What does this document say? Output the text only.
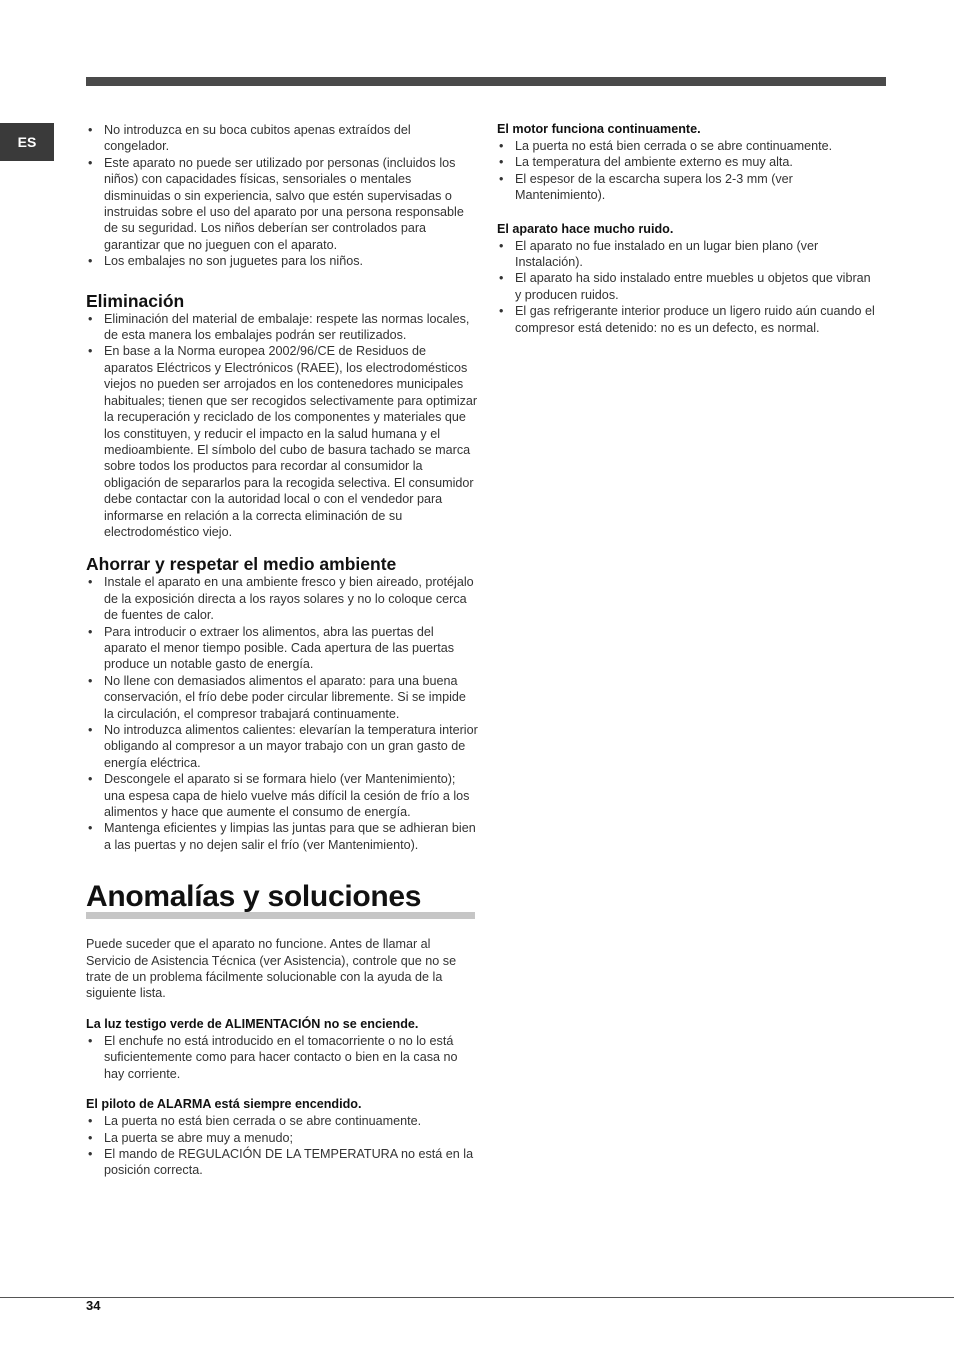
ES
• No introduzca en su boca cubitos apenas extraídos del congelador.
• Este aparato no puede ser utilizado por personas (incluidos los niños) con capacidades físicas, sensoriales o mentales disminuidas o sin experiencia, salvo que estén supervisadas o instruidas sobre el uso del aparato por una persona responsable de su seguridad. Los niños deberían ser controlados para garantizar que no jueguen con el aparato.
• Los embalajes no son juguetes para los niños.
Eliminación
• Eliminación del material de embalaje: respete las normas locales, de esta manera los embalajes podrán ser reutilizados.
• En base a la Norma europea 2002/96/CE de Residuos de aparatos Eléctricos y Electrónicos (RAEE), los electrodomésticos viejos no pueden ser arrojados en los contenedores municipales habituales; tienen que ser recogidos selectivamente para optimizar la recuperación y reciclado de los componentes y materiales que los constituyen, y reducir el impacto en la salud humana y el medioambiente. El símbolo del cubo de basura tachado se marca sobre todos los productos para recordar al consumidor la obligación de separarlos para la recogida selectiva. El consumidor debe contactar con la autoridad local o con el vendedor para informarse en relación a la correcta eliminación de su electrodoméstico viejo.
Ahorrar y respetar el medio ambiente
• Instale el aparato en una ambiente fresco y bien aireado, protéjalo de la exposición directa a los rayos solares y no lo coloque cerca de fuentes de calor.
• Para introducir o extraer los alimentos, abra las puertas del aparato el menor tiempo posible. Cada apertura de las puertas produce un notable gasto de energía.
• No llene con demasiados alimentos el aparato: para una buena conservación, el frío debe poder circular libremente. Si se impide la circulación, el compresor trabajará continuamente.
• No introduzca alimentos calientes: elevarían la temperatura interior obligando al compresor a un mayor trabajo con un gran gasto de energía eléctrica.
• Descongele el aparato si se formara hielo (ver Mantenimiento); una espesa capa de hielo vuelve más difícil la cesión de frío a los alimentos y hace que aumente el consumo de energía.
• Mantenga eficientes y limpias las juntas para que se adhieran bien a las puertas y no dejen salir el frío (ver Mantenimiento).
Anomalías y soluciones

Puede suceder que el aparato no funcione. Antes de llamar al Servicio de Asistencia Técnica (ver Asistencia), controle que no se trate de un problema fácilmente solucionable con la ayuda de la siguiente lista.

La luz testigo verde de ALIMENTACIÓN no se enciende.

• El enchufe no está introducido en el tomacorriente o no lo está suficientemente como para hacer contacto o bien en la casa no hay corriente.

El piloto de ALARMA está siempre encendido.

• La puerta no está bien cerrada o se abre continuamente.
• La puerta se abre muy a menudo;
• El mando de REGULACIÓN DE LA TEMPERATURA no está en la posición correcta.

El motor funciona continuamente.

• La puerta no está bien cerrada o se abre continuamente.
• La temperatura del ambiente externo es muy alta.
• El espesor de la escarcha supera los 2-3 mm (ver Mantenimiento).

El aparato hace mucho ruido.

• El aparato no fue instalado en un lugar bien plano (ver Instalación).
• El aparato ha sido instalado entre muebles u objetos que vibran y producen ruidos.
• El gas refrigerante interior produce un ligero ruido aún cuando el compresor está detenido: no es un defecto, es normal.
34
